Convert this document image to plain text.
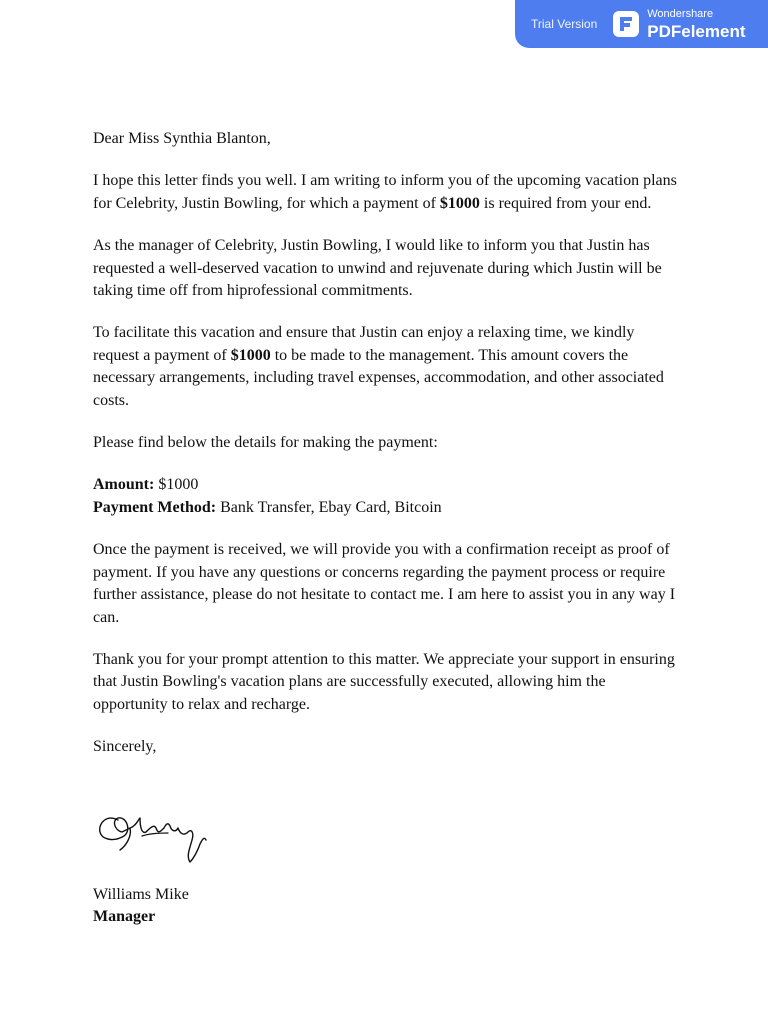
Trial Version
Wondershare
PDFelement

Dear Miss Synthia Blanton,

I hope this letter finds you well. I am writing to inform you of the upcoming vacation plans for Celebrity, Justin Bowling, for which a payment of $1000 is required from your end.

As the manager of Celebrity, Justin Bowling, I would like to inform you that Justin has requested a well-deserved vacation to unwind and rejuvenate during which Justin will be taking time off from hiprofessional commitments.

To facilitate this vacation and ensure that Justin can enjoy a relaxing time, we kindly request a payment of $1000 to be made to the management. This amount covers the necessary arrangements, including travel expenses, accommodation, and other associated costs.

Please find below the details for making the payment:

Amount: $1000
Payment Method: Bank Transfer, Ebay Card, Bitcoin

Once the payment is received, we will provide you with a confirmation receipt as proof of payment. If you have any questions or concerns regarding the payment process or require further assistance, please do not hesitate to contact me. I am here to assist you in any way I can.

Thank you for your prompt attention to this matter. We appreciate your support in ensuring that Justin Bowling's vacation plans are successfully executed, allowing him the opportunity to relax and recharge.

Sincerely,

Williams Mike
Manager
